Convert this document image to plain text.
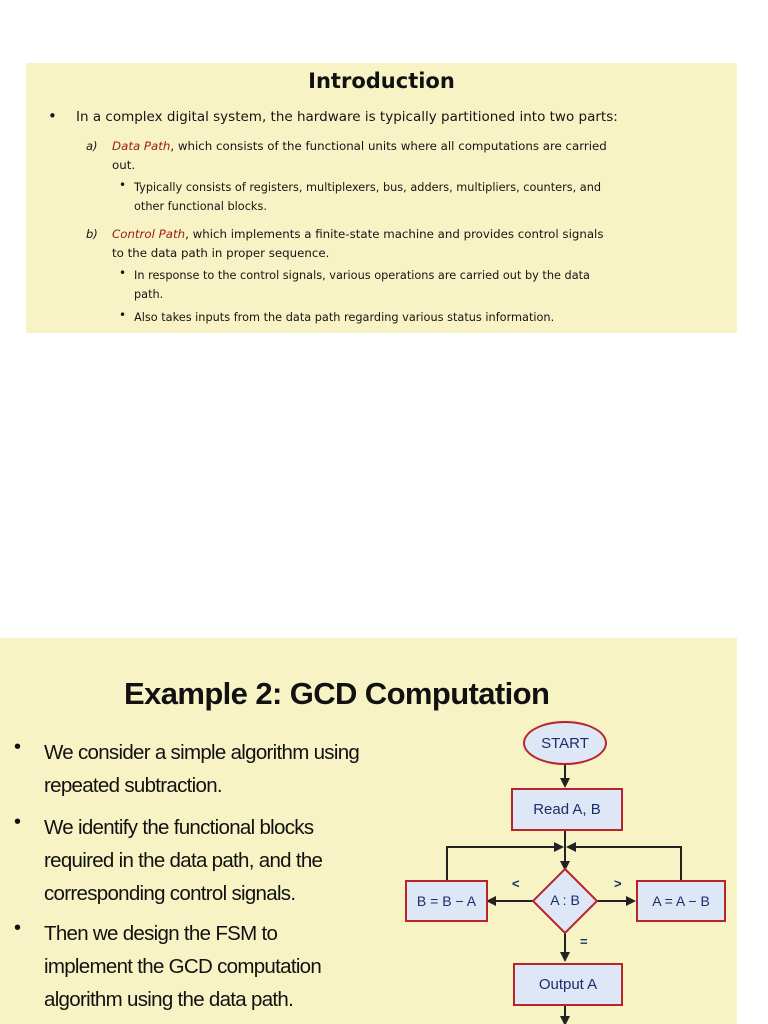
Introduction
• In a complex digital system, the hardware is typically partitioned into two parts:
a) Data Path, which consists of the functional units where all computations are carried
out.
• Typically consists of registers, multiplexers, bus, adders, multipliers, counters, and
other functional blocks.
b) Control Path, which implements a finite-state machine and provides control signals
to the data path in proper sequence.
• In response to the control signals, various operations are carried out by the data
path.
• Also takes inputs from the data path regarding various status information.
Example 2: GCD Computation
• We consider a simple algorithm using
repeated subtraction.
• We identify the functional blocks
required in the data path, and the
corresponding control signals.
• Then we design the FSM to
implement the GCD computation
algorithm using the data path.
START
Read A, B
B = B − A	A = A − B
Output A
A : B
<	>
=
